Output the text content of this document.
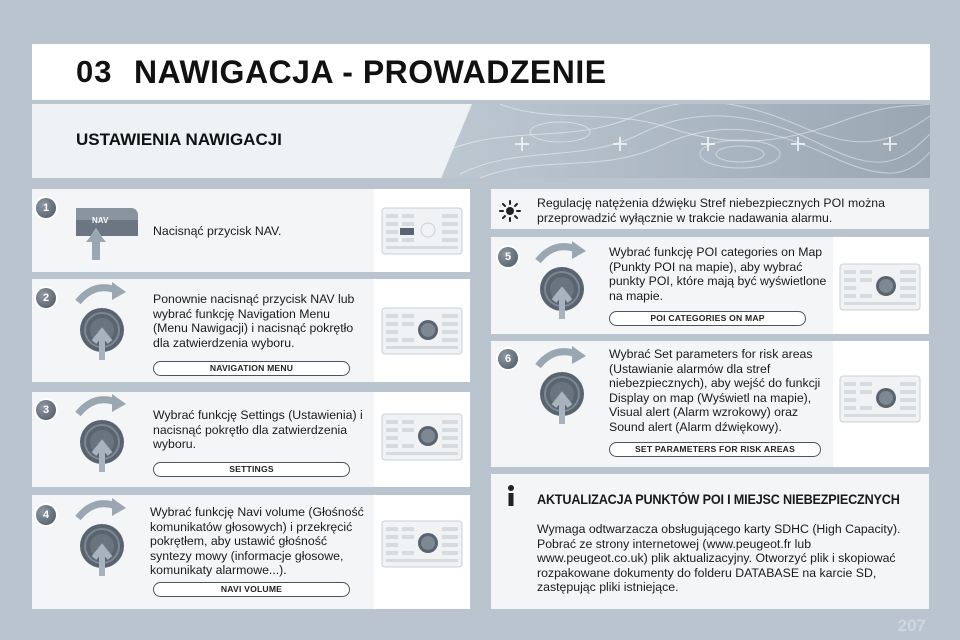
03 NAWIGACJA - PROWADZENIE
USTAWIENIA NAWIGACJI
1
NAV
Nacisnąć przycisk NAV.
2	Ponownie nacisnąć przycisk NAV lub wybrać funkcję Navigation Menu (Menu Nawigacji) i nacisnąć pokrętło dla zatwierdzenia wyboru.
NAVIGATION MENU
3	Wybrać funkcję Settings (Ustawienia) i nacisnąć pokrętło dla zatwierdzenia wyboru.
SETTINGS
4	Wybrać funkcję Navi volume (Głośność komunikatów głosowych) i przekręcić pokrętłem, aby ustawić głośność syntezy mowy (informacje głosowe, komunikaty alarmowe...).
NAVI VOLUME
Regulację natężenia dźwięku Stref niebezpiecznych POI można przeprowadzić wyłącznie w trakcie nadawania alarmu.
5	Wybrać funkcję POI categories on Map (Punkty POI na mapie), aby wybrać punkty POI, które mają być wyświetlone na mapie.
POI CATEGORIES ON MAP
6	Wybrać Set parameters for risk areas (Ustawianie alarmów dla stref niebezpiecznych), aby wejść do funkcji Display on map (Wyświetl na mapie), Visual alert (Alarm wzrokowy) oraz Sound alert (Alarm dźwiękowy).
SET PARAMETERS FOR RISK AREAS
AKTUALIZACJA PUNKTÓW POI I MIEJSC NIEBEZPIECZNYCH
Wymaga odtwarzacza obsługującego karty SDHC (High Capacity). Pobrać ze strony internetowej (www.peugeot.fr lub www.peugeot.co.uk) plik aktualizacyjny. Otworzyć plik i skopiować rozpakowane dokumenty do folderu DATABASE na karcie SD, zastępując pliki istniejące.
207
